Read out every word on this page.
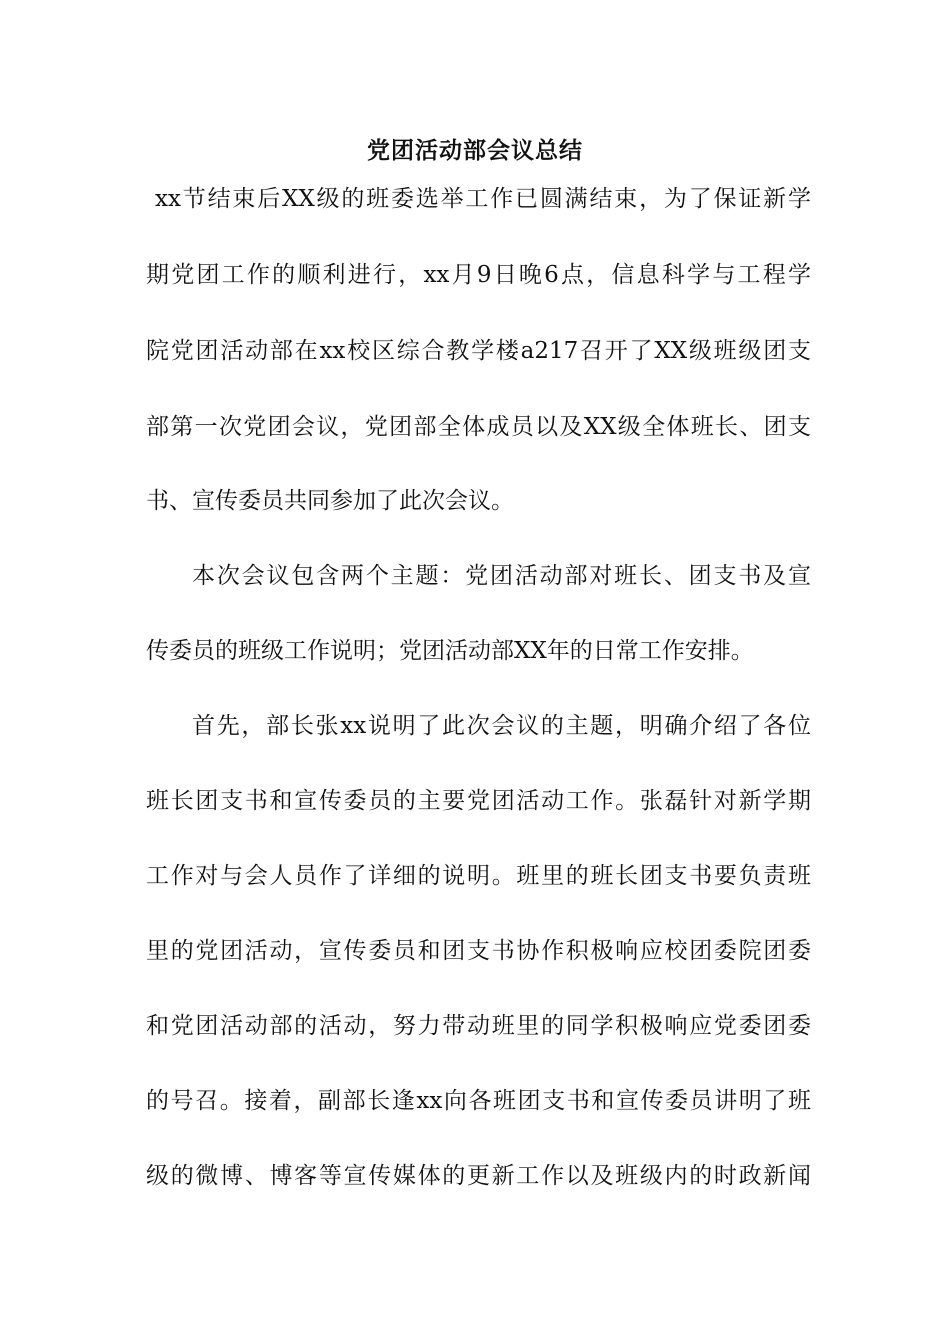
党团活动部会议总结
xx节结束后XX级的班委选举工作已圆满结束，为了保证新学
期党团工作的顺利进行，xx月9日晚6点，信息科学与工程学
院党团活动部在xx校区综合教学楼a217召开了XX级班级团支
部第一次党团会议，党团部全体成员以及XX级全体班长、团支
书、宣传委员共同参加了此次会议。
本次会议包含两个主题：党团活动部对班长、团支书及宣
传委员的班级工作说明；党团活动部XX年的日常工作安排。
首先，部长张xx说明了此次会议的主题，明确介绍了各位
班长团支书和宣传委员的主要党团活动工作。张磊针对新学期
工作对与会人员作了详细的说明。班里的班长团支书要负责班
里的党团活动，宣传委员和团支书协作积极响应校团委院团委
和党团活动部的活动，努力带动班里的同学积极响应党委团委
的号召。接着，副部长逢xx向各班团支书和宣传委员讲明了班
级的微博、博客等宣传媒体的更新工作以及班级内的时政新闻
